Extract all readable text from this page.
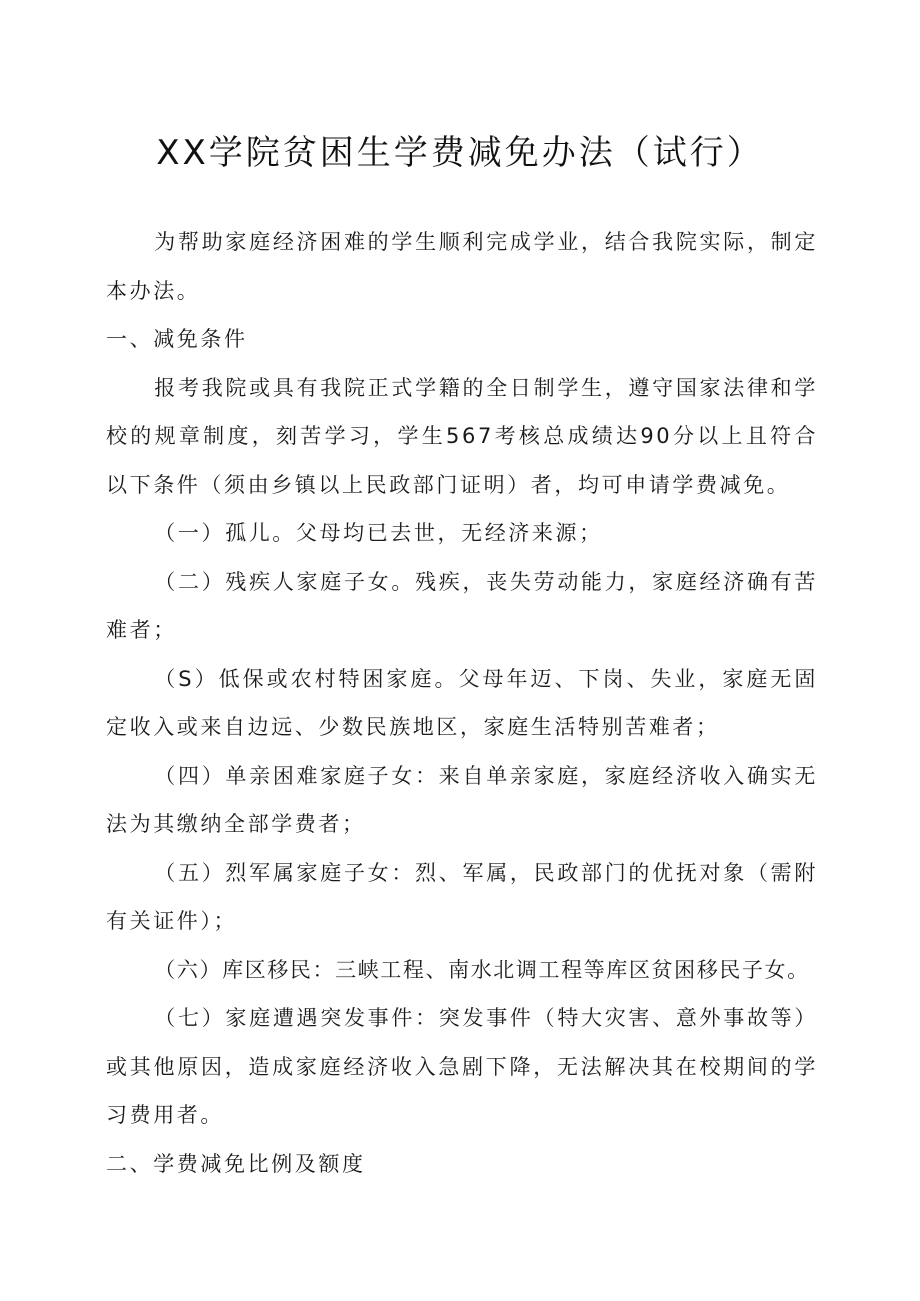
XX学院贫困生学费减免办法（试行）

为帮助家庭经济困难的学生顺利完成学业，结合我院实际，制定本办法。

一、减免条件

报考我院或具有我院正式学籍的全日制学生，遵守国家法律和学校的规章制度，刻苦学习，学生567考核总成绩达90分以上且符合以下条件（须由乡镇以上民政部门证明）者，均可申请学费减免。

（一）孤儿。父母均已去世，无经济来源；

（二）残疾人家庭子女。残疾，丧失劳动能力，家庭经济确有苦难者；

（S）低保或农村特困家庭。父母年迈、下岗、失业，家庭无固定收入或来自边远、少数民族地区，家庭生活特别苦难者；

（四）单亲困难家庭子女：来自单亲家庭，家庭经济收入确实无法为其缴纳全部学费者；

（五）烈军属家庭子女：烈、军属，民政部门的优抚对象（需附有关证件）；

（六）库区移民：三峡工程、南水北调工程等库区贫困移民子女。

（七）家庭遭遇突发事件：突发事件（特大灾害、意外事故等）或其他原因，造成家庭经济收入急剧下降，无法解决其在校期间的学习费用者。

二、学费减免比例及额度
